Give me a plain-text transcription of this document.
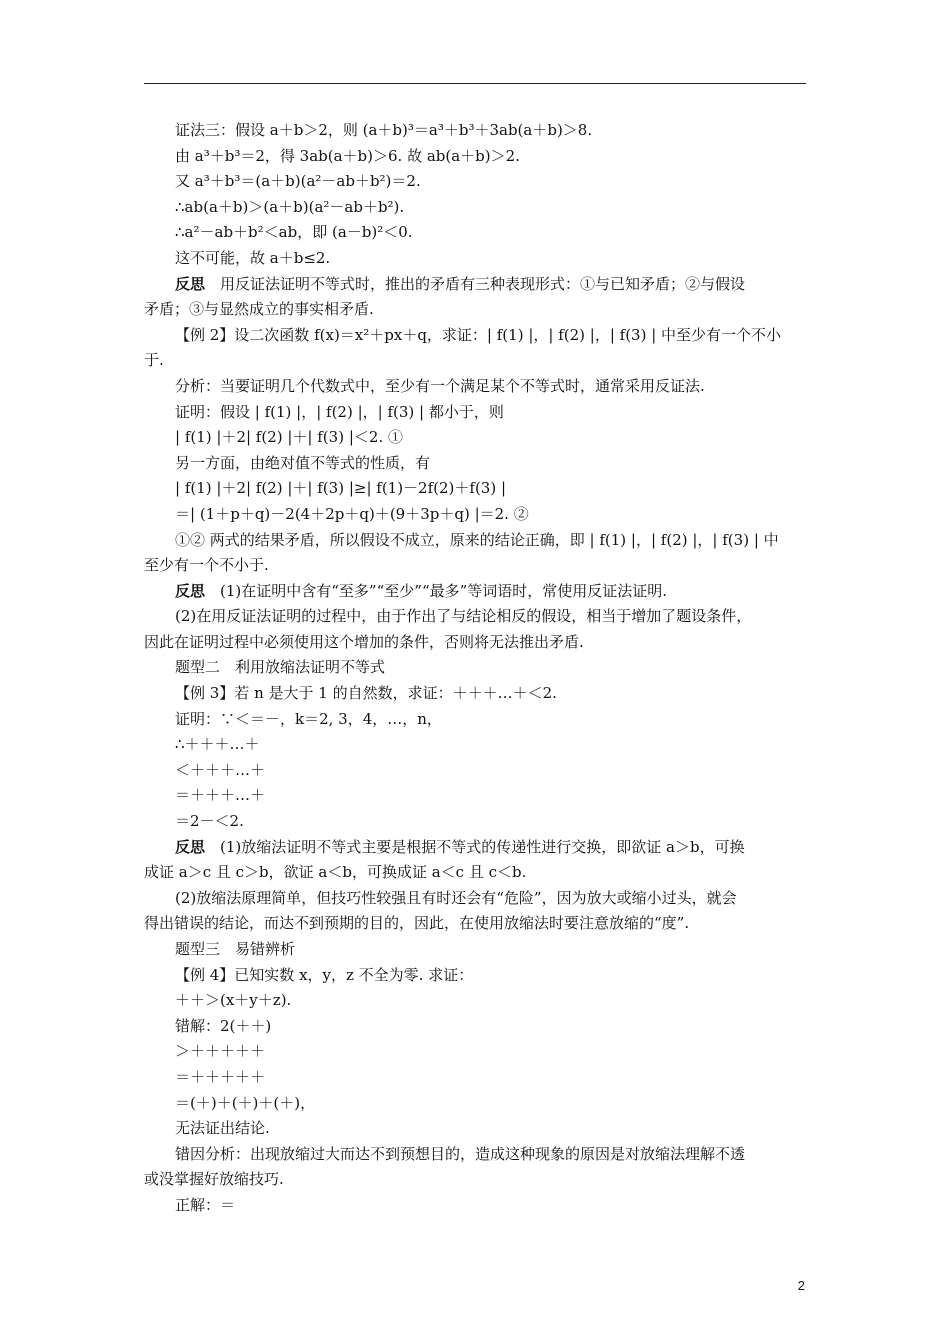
证法三：假设 a＋b＞2，则 (a＋b)³＝a³＋b³＋3ab(a＋b)＞8.
由 a³＋b³＝2，得 3ab(a＋b)＞6. 故 ab(a＋b)＞2.
又 a³＋b³＝(a＋b)(a²－ab＋b²)＝2.
∴ab(a＋b)＞(a＋b)(a²－ab＋b²).
∴a²－ab＋b²＜ab，即 (a－b)²＜0.
这不可能，故 a＋b≤2.
反思　用反证法证明不等式时，推出的矛盾有三种表现形式：①与已知矛盾；②与假设
矛盾；③与显然成立的事实相矛盾.
【例 2】设二次函数 f(x)＝x²＋px＋q，求证：| f(1) |，| f(2) |，| f(3) | 中至少有一个不小
于.
分析：当要证明几个代数式中，至少有一个满足某个不等式时，通常采用反证法.
证明：假设 | f(1) |，| f(2) |，| f(3) | 都小于，则
| f(1) |＋2| f(2) |＋| f(3) |＜2. ①
另一方面，由绝对值不等式的性质，有
| f(1) |＋2| f(2) |＋| f(3) |≥| f(1)－2f(2)＋f(3) |
＝| (1＋p＋q)－2(4＋2p＋q)＋(9＋3p＋q) |＝2. ②
①② 两式的结果矛盾，所以假设不成立，原来的结论正确，即 | f(1) |，| f(2) |，| f(3) | 中
至少有一个不小于.
反思　(1)在证明中含有“至多”“至少”“最多”等词语时，常使用反证法证明.
(2)在用反证法证明的过程中，由于作出了与结论相反的假设，相当于增加了题设条件，
因此在证明过程中必须使用这个增加的条件，否则将无法推出矛盾.
题型二　利用放缩法证明不等式
【例 3】若 n 是大于 1 的自然数，求证：＋＋＋…＋＜2.
证明：∵＜＝－，k＝2, 3，4，…，n，
∴＋＋＋…＋
＜＋＋＋…＋
＝＋＋＋…＋
＝2－＜2.
反思　(1)放缩法证明不等式主要是根据不等式的传递性进行交换，即欲证 a＞b，可换
成证 a＞c 且 c＞b，欲证 a＜b，可换成证 a＜c 且 c＜b.
(2)放缩法原理简单，但技巧性较强且有时还会有“危险”，因为放大或缩小过头，就会
得出错误的结论，而达不到预期的目的，因此，在使用放缩法时要注意放缩的“度”.
题型三　易错辨析
【例 4】已知实数 x，y，z 不全为零. 求证：
＋＋＞(x＋y＋z).
错解：2(＋＋)
＞＋＋＋＋＋
＝＋＋＋＋＋
＝(＋)＋(＋)＋(＋)，
无法证出结论.
错因分析：出现放缩过大而达不到预想目的，造成这种现象的原因是对放缩法理解不透
或没掌握好放缩技巧.
正解：＝
2
